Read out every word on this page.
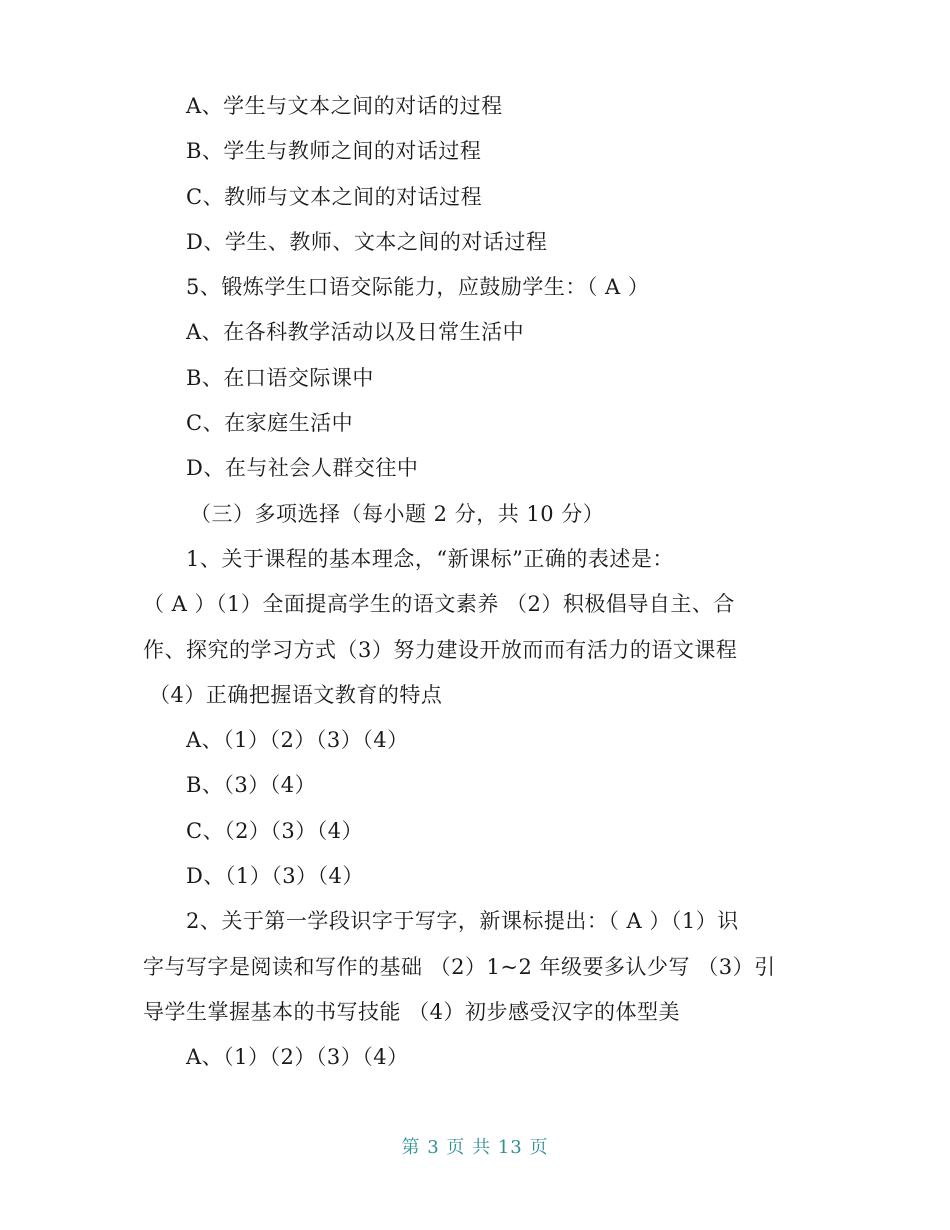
A、学生与文本之间的对话的过程
B、学生与教师之间的对话过程
C、教师与文本之间的对话过程
D、学生、教师、文本之间的对话过程
5、锻炼学生口语交际能力，应鼓励学生：（ A ）
A、在各科教学活动以及日常生活中
B、在口语交际课中
C、在家庭生活中
D、在与社会人群交往中
（三）多项选择（每小题 2 分，共 10 分）
1、关于课程的基本理念，“新课标”正确的表述是：
（ A ）（1）全面提高学生的语文素养 （2）积极倡导自主、合
作、探究的学习方式（3）努力建设开放而而有活力的语文课程
（4）正确把握语文教育的特点
A、（1）（2）（3）（4）
B、（3）（4）
C、（2）（3）（4）
D、（1）（3）（4）
2、关于第一学段识字于写字，新课标提出：（ A ）（1）识
字与写字是阅读和写作的基础 （2）1~2 年级要多认少写 （3）引
导学生掌握基本的书写技能 （4）初步感受汉字的体型美
A、（1）（2）（3）（4）
第 3 页 共 13 页
